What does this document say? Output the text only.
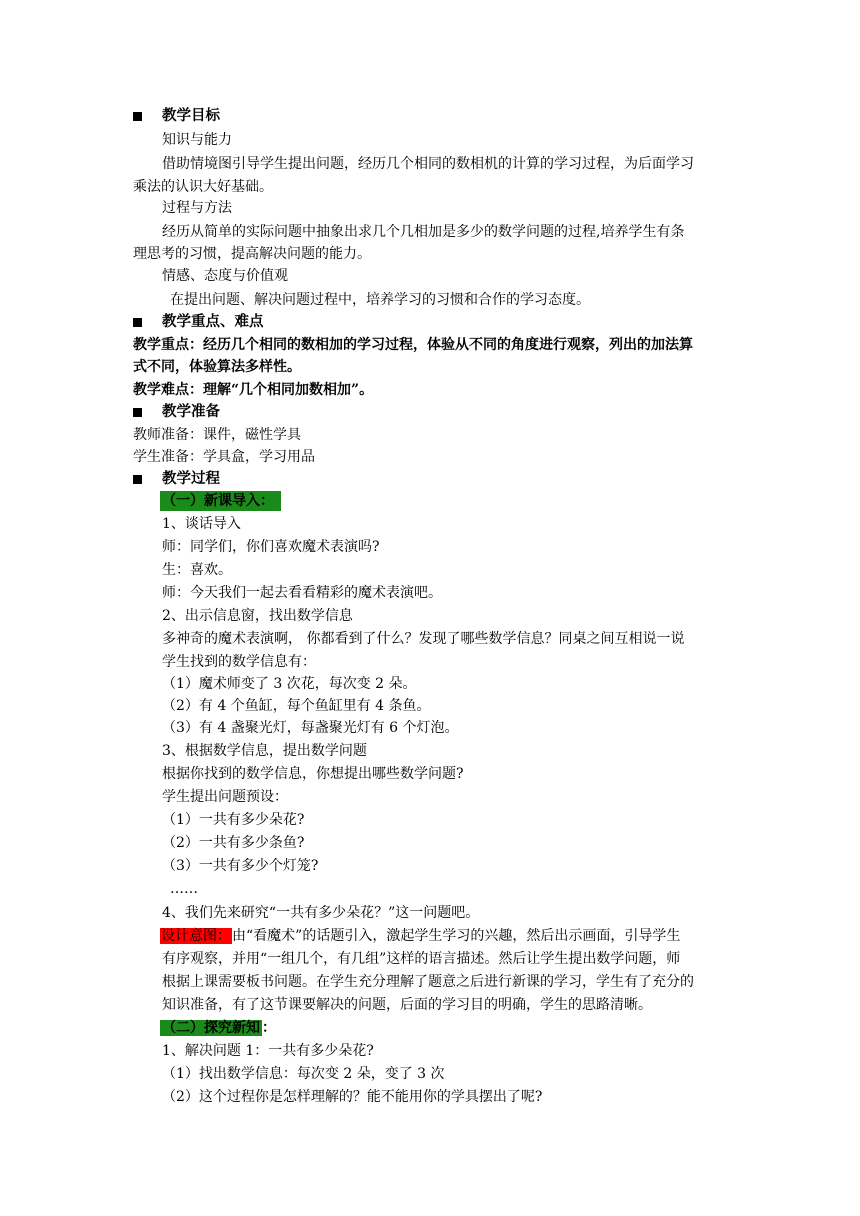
教学目标
知识与能力
借助情境图引导学生提出问题，经历几个相同的数相机的计算的学习过程，为后面学习
乘法的认识大好基础。
过程与方法
经历从简单的实际问题中抽象出求几个几相加是多少的数学问题的过程,培养学生有条
理思考的习惯，提高解决问题的能力。
情感、态度与价值观
在提出问题、解决问题过程中，培养学习的习惯和合作的学习态度。
教学重点、难点
教学重点：经历几个相同的数相加的学习过程，体验从不同的角度进行观察，列出的加法算
式不同，体验算法多样性。
教学难点：理解“几个相同加数相加”。
教学准备
教师准备：课件，磁性学具
学生准备：学具盒，学习用品
教学过程
（一）新课导入：
1、谈话导入
师：同学们，你们喜欢魔术表演吗?
生：喜欢。
师：今天我们一起去看看精彩的魔术表演吧。
2、出示信息窗，找出数学信息
多神奇的魔术表演啊， 你都看到了什么？发现了哪些数学信息？同桌之间互相说一说
学生找到的数学信息有：
（1）魔术师变了 3 次花，每次变 2 朵。
（2）有 4 个鱼缸，每个鱼缸里有 4 条鱼。
（3）有 4 盏聚光灯，每盏聚光灯有 6 个灯泡。
3、根据数学信息，提出数学问题
根据你找到的数学信息，你想提出哪些数学问题?
学生提出问题预设：
（1）一共有多少朵花?
（2）一共有多少条鱼?
（3）一共有多少个灯笼?
……
4、我们先来研究“一共有多少朵花？”这一问题吧。
设计意图：由“看魔术”的话题引入，激起学生学习的兴趣，然后出示画面，引导学生
有序观察，并用“一组几个，有几组”这样的语言描述。然后让学生提出数学问题，师
根据上课需要板书问题。在学生充分理解了题意之后进行新课的学习，学生有了充分的
知识准备，有了这节课要解决的问题，后面的学习目的明确，学生的思路清晰。
（二）探究新知 ：
1、解决问题 1：一共有多少朵花?
（1）找出数学信息：每次变 2 朵，变了 3 次
（2）这个过程你是怎样理解的？能不能用你的学具摆出了呢?
